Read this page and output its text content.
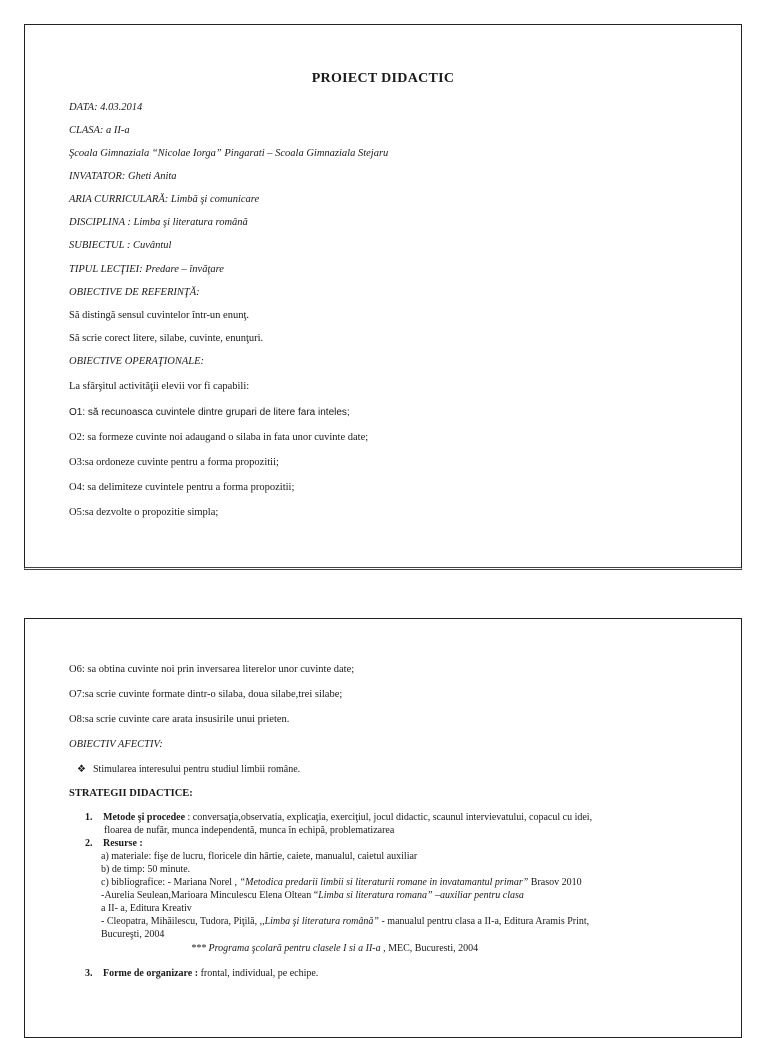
PROIECT DIDACTIC
DATA: 4.03.2014
CLASA: a II-a
Şcoala Gimnaziala “Nicolae Iorga” Pingarati – Scoala Gimnaziala Stejaru
INVATATOR: Gheti Anita
ARIA CURRICULARĂ: Limbă şi comunicare
DISCIPLINA : Limba şi literatura română
SUBIECTUL : Cuvântul
TIPUL LECŢIEI: Predare – învăţare
OBIECTIVE DE REFERINŢĂ:
Să distingă sensul cuvintelor într-un enunţ.
Să scrie corect litere, silabe, cuvinte, enunţuri.
OBIECTIVE OPERAŢIONALE:
La sfârşitul activităţii elevii vor fi capabili:
O1: să recunoasca cuvintele dintre grupari de litere fara inteles;
O2: sa formeze cuvinte noi adaugand o silaba in fata unor cuvinte date;
O3:sa ordoneze cuvinte pentru a forma propozitii;
O4: sa delimiteze cuvintele pentru a forma propozitii;
O5:sa dezvolte o propozitie simpla;
O6: sa obtina cuvinte noi prin inversarea literelor unor cuvinte date;
O7:sa scrie cuvinte formate dintr-o silaba, doua silabe,trei silabe;
O8:sa scrie cuvinte care arata insusirile unui prieten.
OBIECTIV AFECTIV:
❖ Stimularea interesului pentru studiul limbii române.
STRATEGII DIDACTICE:
1. Metode şi procedee : conversaţia,observatia, explicaţia, exerciţiul, jocul didactic, scaunul intervievatului, copacul cu idei,
floarea de nufăr, munca independentă, munca în echipă, problematizarea
2. Resurse :
a) materiale: fişe de lucru, floricele din hârtie, caiete, manualul, caietul auxiliar
b) de timp: 50 minute.
c) bibliografice: - Mariana Norel , “Metodica predarii limbii si literaturii romane in invatamantul primar” Brasov 2010
-Aurelia Seulean,Marioara Minculescu Elena Oltean “Limba si literatura romana” –auxiliar pentru clasa
a II- a, Editura Kreativ
- Cleopatra, Mihăilescu, Tudora, Piţilă, ,,Limba şi literatura română” - manualul pentru clasa a II-a, Editura Aramis Print,
Bucureşti, 2004
*** Programa şcolară pentru clasele I si a II-a , MEC, Bucuresti, 2004
3. Forme de organizare : frontal, individual, pe echipe.
